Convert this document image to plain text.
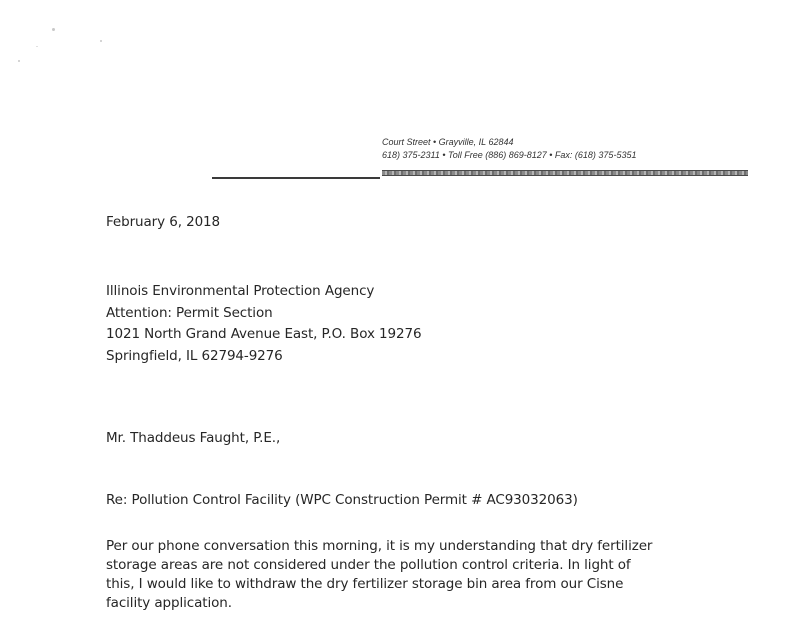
Court Street • Grayville, IL 62844
618) 375-2311 • Toll Free (886) 869-8127 • Fax: (618) 375-5351
February 6, 2018
Illinois Environmental Protection Agency
Attention: Permit Section
1021 North Grand Avenue East, P.O. Box 19276
Springfield, IL 62794-9276
Mr. Thaddeus Faught, P.E.,
Re: Pollution Control Facility (WPC Construction Permit # AC93032063)
Per our phone conversation this morning, it is my understanding that dry fertilizer
storage areas are not considered under the pollution control criteria. In light of
this, I would like to withdraw the dry fertilizer storage bin area from our Cisne
facility application.
